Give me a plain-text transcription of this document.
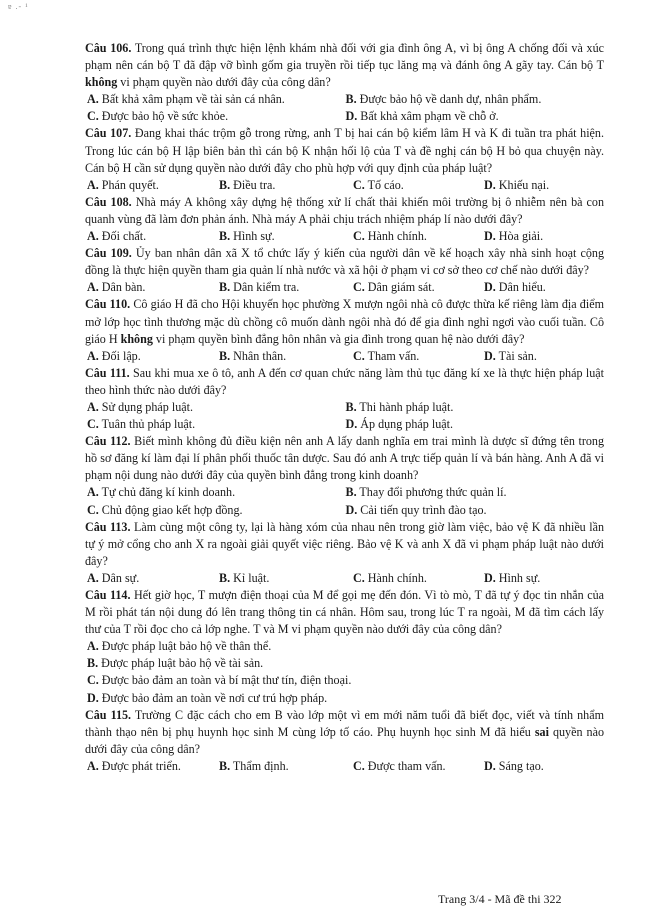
ɐ .- ¹

Câu 106. Trong quá trình thực hiện lệnh khám nhà đối với gia đình ông A, vì bị ông A chống đối và xúc phạm nên cán bộ T đã đập vỡ bình gốm gia truyền rồi tiếp tục lăng mạ và đánh ông A gãy tay. Cán bộ T không vi phạm quyền nào dưới đây của công dân?

A. Bất khả xâm phạm về tài sản cá nhân.	B. Được bảo hộ về danh dự, nhân phẩm.
C. Được bảo hộ về sức khỏe.	D. Bất khả xâm phạm về chỗ ở.

Câu 107. Đang khai thác trộm gỗ trong rừng, anh T bị hai cán bộ kiểm lâm H và K đi tuần tra phát hiện. Trong lúc cán bộ H lập biên bản thì cán bộ K nhận hối lộ của T và đề nghị cán bộ H bỏ qua chuyện này. Cán bộ H cần sử dụng quyền nào dưới đây cho phù hợp với quy định của pháp luật?

A. Phán quyết.	B. Điều tra.	C. Tố cáo.	D. Khiếu nại.

Câu 108. Nhà máy A không xây dựng hệ thống xử lí chất thải khiến môi trường bị ô nhiễm nên bà con quanh vùng đã làm đơn phản ánh. Nhà máy A phải chịu trách nhiệm pháp lí nào dưới đây?

A. Đối chất.	B. Hình sự.	C. Hành chính.	D. Hòa giải.

Câu 109. Ủy ban nhân dân xã X tổ chức lấy ý kiến của người dân về kế hoạch xây nhà sinh hoạt cộng đồng là thực hiện quyền tham gia quản lí nhà nước và xã hội ở phạm vi cơ sở theo cơ chế nào dưới đây?

A. Dân bàn.	B. Dân kiểm tra.	C. Dân giám sát.	D. Dân hiểu.

Câu 110. Cô giáo H đã cho Hội khuyến học phường X mượn ngôi nhà cô được thừa kế riêng làm địa điểm mở lớp học tình thương mặc dù chồng cô muốn dành ngôi nhà đó để gia đình nghỉ ngơi vào cuối tuần. Cô giáo H không vi phạm quyền bình đẳng hôn nhân và gia đình trong quan hệ nào dưới đây?

A. Đối lập.	B. Nhân thân.	C. Tham vấn.	D. Tài sản.

Câu 111. Sau khi mua xe ô tô, anh A đến cơ quan chức năng làm thủ tục đăng kí xe là thực hiện pháp luật theo hình thức nào dưới đây?

A. Sử dụng pháp luật.	B. Thi hành pháp luật.
C. Tuân thủ pháp luật.	D. Áp dụng pháp luật.

Câu 112. Biết mình không đủ điều kiện nên anh A lấy danh nghĩa em trai mình là dược sĩ đứng tên trong hồ sơ đăng kí làm đại lí phân phối thuốc tân dược. Sau đó anh A trực tiếp quản lí và bán hàng. Anh A đã vi phạm nội dung nào dưới đây của quyền bình đẳng trong kinh doanh?

A. Tự chủ đăng kí kinh doanh.	B. Thay đổi phương thức quản lí.
C. Chủ động giao kết hợp đồng.	D. Cải tiến quy trình đào tạo.

Câu 113. Làm cùng một công ty, lại là hàng xóm của nhau nên trong giờ làm việc, bảo vệ K đã nhiều lần tự ý mở cổng cho anh X ra ngoài giải quyết việc riêng. Bảo vệ K và anh X đã vi phạm pháp luật nào dưới đây?

A. Dân sự.	B. Kỉ luật.	C. Hành chính.	D. Hình sự.

Câu 114. Hết giờ học, T mượn điện thoại của M để gọi mẹ đến đón. Vì tò mò, T đã tự ý đọc tin nhắn của M rồi phát tán nội dung đó lên trang thông tin cá nhân. Hôm sau, trong lúc T ra ngoài, M đã tìm cách lấy thư của T rồi đọc cho cả lớp nghe. T và M vi phạm quyền nào dưới đây của công dân?

A. Được pháp luật bảo hộ về thân thể.
B. Được pháp luật bảo hộ về tài sản.
C. Được bảo đảm an toàn và bí mật thư tín, điện thoại.
D. Được bảo đảm an toàn về nơi cư trú hợp pháp.

Câu 115. Trường C đặc cách cho em B vào lớp một vì em mới năm tuổi đã biết đọc, viết và tính nhẩm thành thạo nên bị phụ huynh học sinh M cùng lớp tố cáo. Phụ huynh học sinh M đã hiểu sai quyền nào dưới đây của công dân?

A. Được phát triển.	B. Thẩm định.	C. Được tham vấn.	D. Sáng tạo.
Trang 3/4 - Mã đề thi 322
